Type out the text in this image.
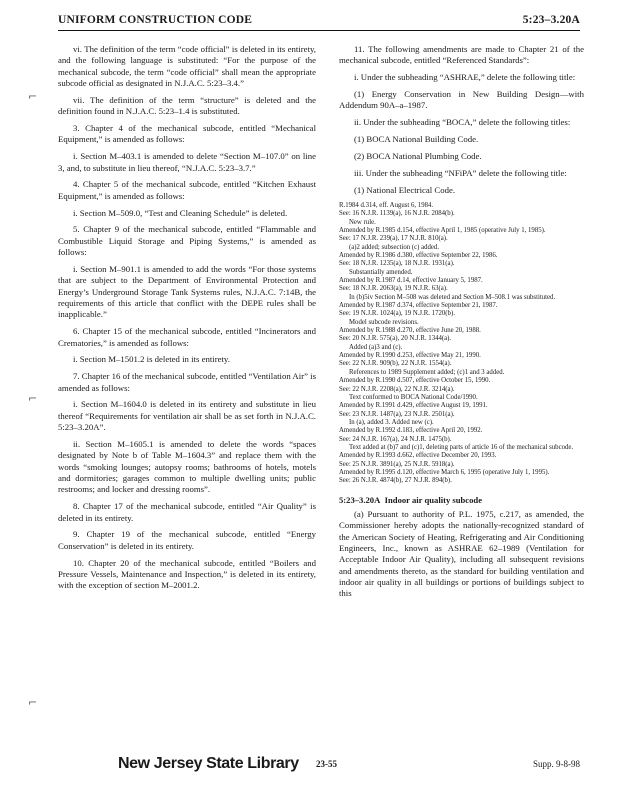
UNIFORM CONSTRUCTION CODE	5:23–3.20A

vi. The definition of the term “code official” is deleted in its entirety, and the following language is substituted: “For the purpose of the mechanical subcode, the term “code official” shall mean the appropriate subcode official as designated in N.J.A.C. 5:23–3.4.”

vii. The definition of the term “structure” is deleted and the definition found in N.J.A.C. 5:23–1.4 is substituted.

3. Chapter 4 of the mechanical subcode, entitled “Mechanical Equipment,” is amended as follows:

i. Section M–403.1 is amended to delete “Section M–107.0” on line 3, and, to substitute in lieu thereof, “N.J.A.C. 5:23–3.7.”

4. Chapter 5 of the mechanical subcode, entitled “Kitchen Exhaust Equipment,” is amended as follows:

i. Section M–509.0, “Test and Cleaning Schedule” is deleted.

5. Chapter 9 of the mechanical subcode, entitled “Flammable and Combustible Liquid Storage and Piping Systems,” is amended as follows:

i. Section M–901.1 is amended to add the words “For those systems that are subject to the Department of Environmental Protection and Energy’s Underground Storage Tank Systems rules, N.J.A.C. 7:14B, the requirements of this article that conflict with the DEPE rules shall be inapplicable.”

6. Chapter 15 of the mechanical subcode, entitled “Incinerators and Crematories,” is amended as follows:

i. Section M–1501.2 is deleted in its entirety.

7. Chapter 16 of the mechanical subcode, entitled “Ventilation Air” is amended as follows:

i. Section M–1604.0 is deleted in its entirety and substitute in lieu thereof “Requirements for ventilation air shall be as set forth in N.J.A.C. 5:23–3.20A”.

ii. Section M–1605.1 is amended to delete the words “spaces designated by Note b of Table M–1604.3” and replace them with the words “smoking lounges; autopsy rooms; bathrooms of hotels, motels and dormitories; garages common to multiple dwelling units; public restrooms; and locker and dressing rooms”.

8. Chapter 17 of the mechanical subcode, entitled “Air Quality” is deleted in its entirety.

9. Chapter 19 of the mechanical subcode, entitled “Energy Conservation” is deleted in its entirety.

10. Chapter 20 of the mechanical subcode, entitled “Boilers and Pressure Vessels, Maintenance and Inspection,” is deleted in its entirety, with the exception of section M–2001.2.

11. The following amendments are made to Chapter 21 of the mechanical subcode, entitled “Referenced Standards”:

i. Under the subheading “ASHRAE,” delete the following title:

(1) Energy Conservation in New Building Design—with Addendum 90A–a–1987.

ii. Under the subheading “BOCA,” delete the following titles:

(1) BOCA National Building Code.

(2) BOCA National Plumbing Code.

iii. Under the subheading “NFiPA” delete the following title:

(1) National Electrical Code.

R.1984 d.314, eff. August 6, 1984.

See: 16 N.J.R. 1139(a), 16 N.J.R. 2084(b).

New rule.

Amended by R.1985 d.154, effective April 1, 1985 (operative July 1, 1985).

See: 17 N.J.R. 239(a), 17 N.J.R. 810(a).

(a)2 added; subsection (c) added.

Amended by R.1986 d.380, effective September 22, 1986.

See: 18 N.J.R. 1235(a), 18 N.J.R. 1931(a).

Substantially amended.

Amended by R.1987 d.14, effective January 5, 1987.

See: 18 N.J.R. 2063(a), 19 N.J.R. 63(a).

In (b)5iv Section M–508 was deleted and Section M–508.1 was substituted.

Amended by R.1987 d.374, effective September 21, 1987.

See: 19 N.J.R. 1024(a), 19 N.J.R. 1720(b).

Model subcode revisions.

Amended by R.1988 d.270, effective June 20, 1988.

See: 20 N.J.R. 575(a), 20 N.J.R. 1344(a).

Added (a)3 and (c).

Amended by R.1990 d.253, effective May 21, 1990.

See: 22 N.J.R. 909(b), 22 N.J.R. 1554(a).

References to 1989 Supplement added; (c)1 and 3 added.

Amended by R.1990 d.507, effective October 15, 1990.

See: 22 N.J.R. 2208(a), 22 N.J.R. 3214(a).

Text conformed to BOCA National Code/1990.

Amended by R.1991 d.429, effective August 19, 1991.

See: 23 N.J.R. 1487(a), 23 N.J.R. 2501(a).

In (a), added 3. Added new (c).

Amended by R.1992 d.183, effective April 20, 1992.

See: 24 N.J.R. 167(a), 24 N.J.R. 1475(b).

Text added at (b)7 and (c)1, deleting parts of article 16 of the mechanical subcode.

Amended by R.1993 d.662, effective December 20, 1993.

See: 25 N.J.R. 3891(a), 25 N.J.R. 5918(a).

Amended by R.1995 d.120, effective March 6, 1995 (operative July 1, 1995).

See: 26 N.J.R. 4874(b), 27 N.J.R. 894(b).

5:23–3.20A Indoor air quality subcode

(a) Pursuant to authority of P.L. 1975, c.217, as amended, the Commissioner hereby adopts the nationally-recognized standard of the American Society of Heating, Refrigerating and Air Conditioning Engineers, Inc., known as ASHRAE 62–1989 (Ventilation for Acceptable Indoor Air Quality), including all subsequent revisions and amendments thereto, as the standard for building ventilation and indoor air quality in all buildings or portions of buildings subject to this

⌐
⌐
⌐
New Jersey State Library 23-55	Supp. 9-8-98
